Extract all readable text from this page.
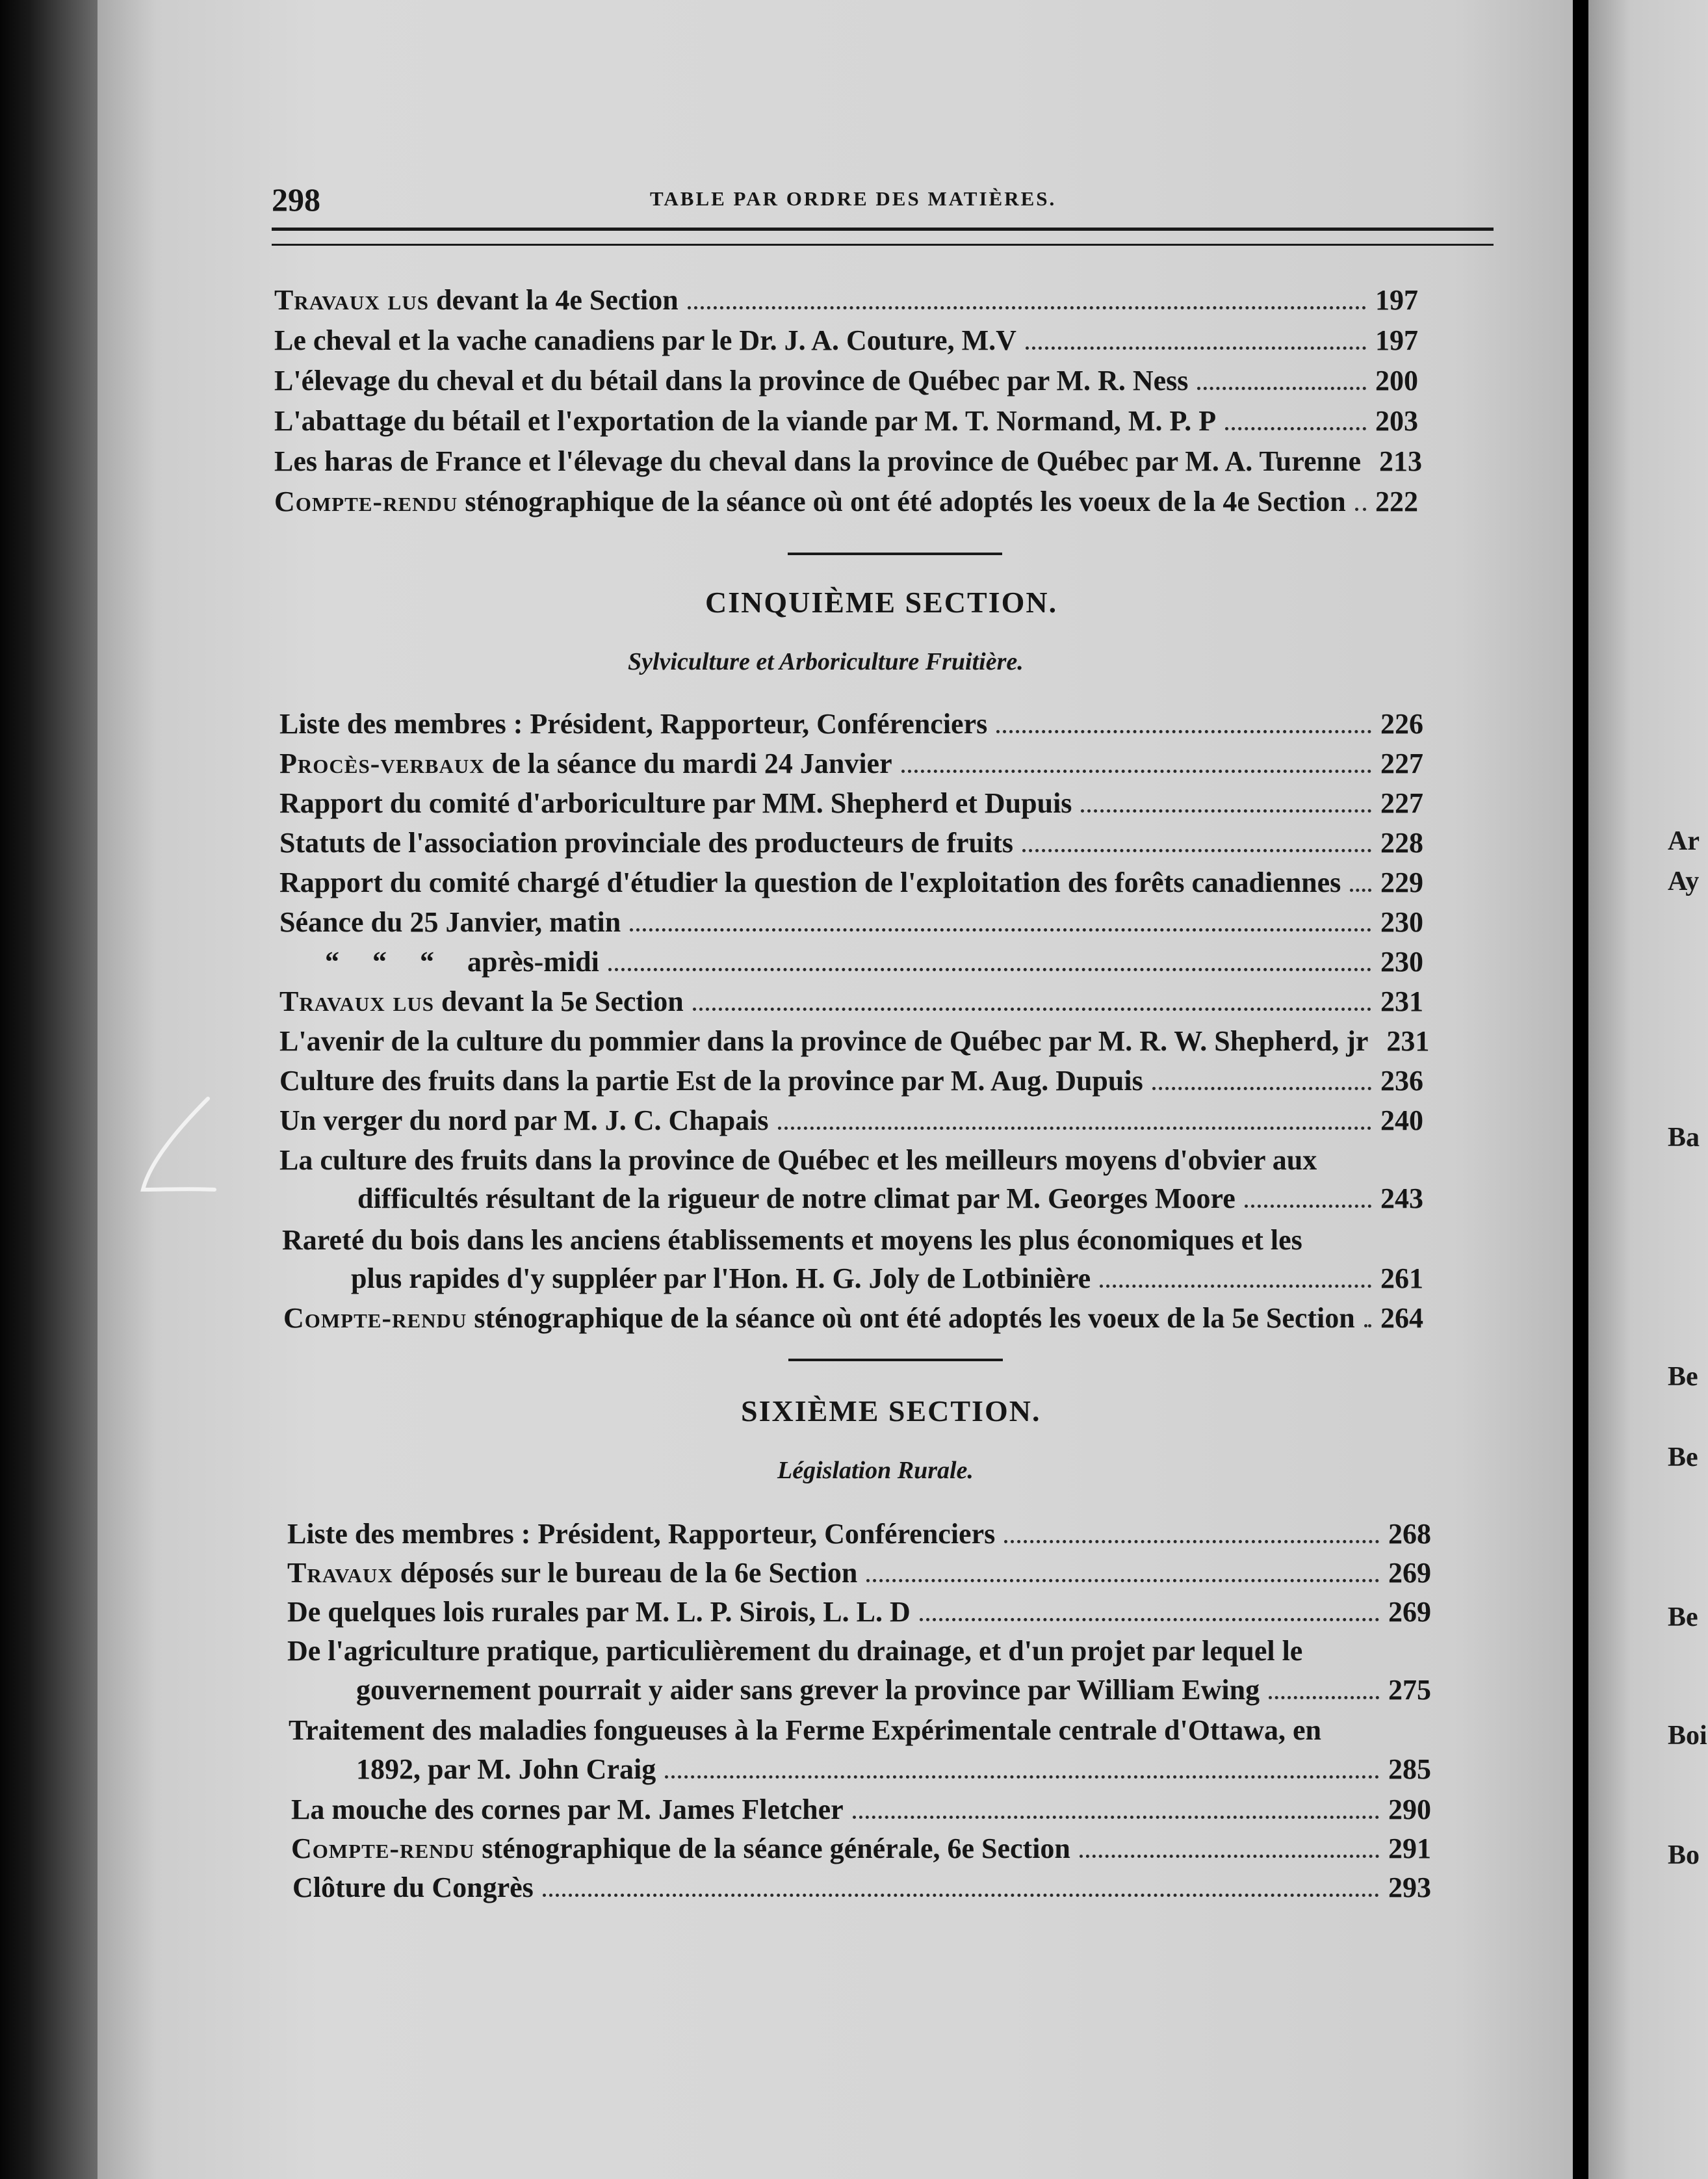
Ar
Ay
Ba
Be
Be
Be
Boi
Bo
298	TABLE PAR ORDRE DES MATIÈRES.
Travaux lus devant la 4e Section	197
Le cheval et la vache canadiens par le Dr. J. A. Couture, M.V	197
L'élevage du cheval et du bétail dans la province de Québec par M. R. Ness	200
L'abattage du bétail et l'exportation de la viande par M. T. Normand, M. P. P	203
Les haras de France et l'élevage du cheval dans la province de Québec par M. A. Turenne 213
Compte-rendu sténographique de la séance où ont été adoptés les voeux de la 4e Section 222
CINQUIÈME SECTION.
Sylviculture et Arboriculture Fruitière.
Liste des membres : Président, Rapporteur, Conférenciers	226
Procès-verbaux de la séance du mardi 24 Janvier	227
Rapport du comité d'arboriculture par MM. Shepherd et Dupuis	227
Statuts de l'association provinciale des producteurs de fruits	228
Rapport du comité chargé d'étudier la question de l'exploitation des forêts canadiennes 229
Séance du 25 Janvier, matin	230
“ “ “ après-midi	230
Travaux lus devant la 5e Section	231
L'avenir de la culture du pommier dans la province de Québec par M. R. W. Shepherd, jr 231
Culture des fruits dans la partie Est de la province par M. Aug. Dupuis	236
Un verger du nord par M. J. C. Chapais	240
La culture des fruits dans la province de Québec et les meilleurs moyens d'obvier aux
difficultés résultant de la rigueur de notre climat par M. Georges Moore	243
Rareté du bois dans les anciens établissements et moyens les plus économiques et les
plus rapides d'y suppléer par l'Hon. H. G. Joly de Lotbinière	261
Compte-rendu sténographique de la séance où ont été adoptés les voeux de la 5e Section 264
SIXIÈME SECTION.
Législation Rurale.
Liste des membres : Président, Rapporteur, Conférenciers	268
Travaux déposés sur le bureau de la 6e Section	269
De quelques lois rurales par M. L. P. Sirois, L. L. D	269
De l'agriculture pratique, particulièrement du drainage, et d'un projet par lequel le
gouvernement pourrait y aider sans grever la province par William Ewing	275
Traitement des maladies fongueuses à la Ferme Expérimentale centrale d'Ottawa, en
1892, par M. John Craig	285
La mouche des cornes par M. James Fletcher	290
Compte-rendu sténographique de la séance générale, 6e Section	291
Clôture du Congrès	293
